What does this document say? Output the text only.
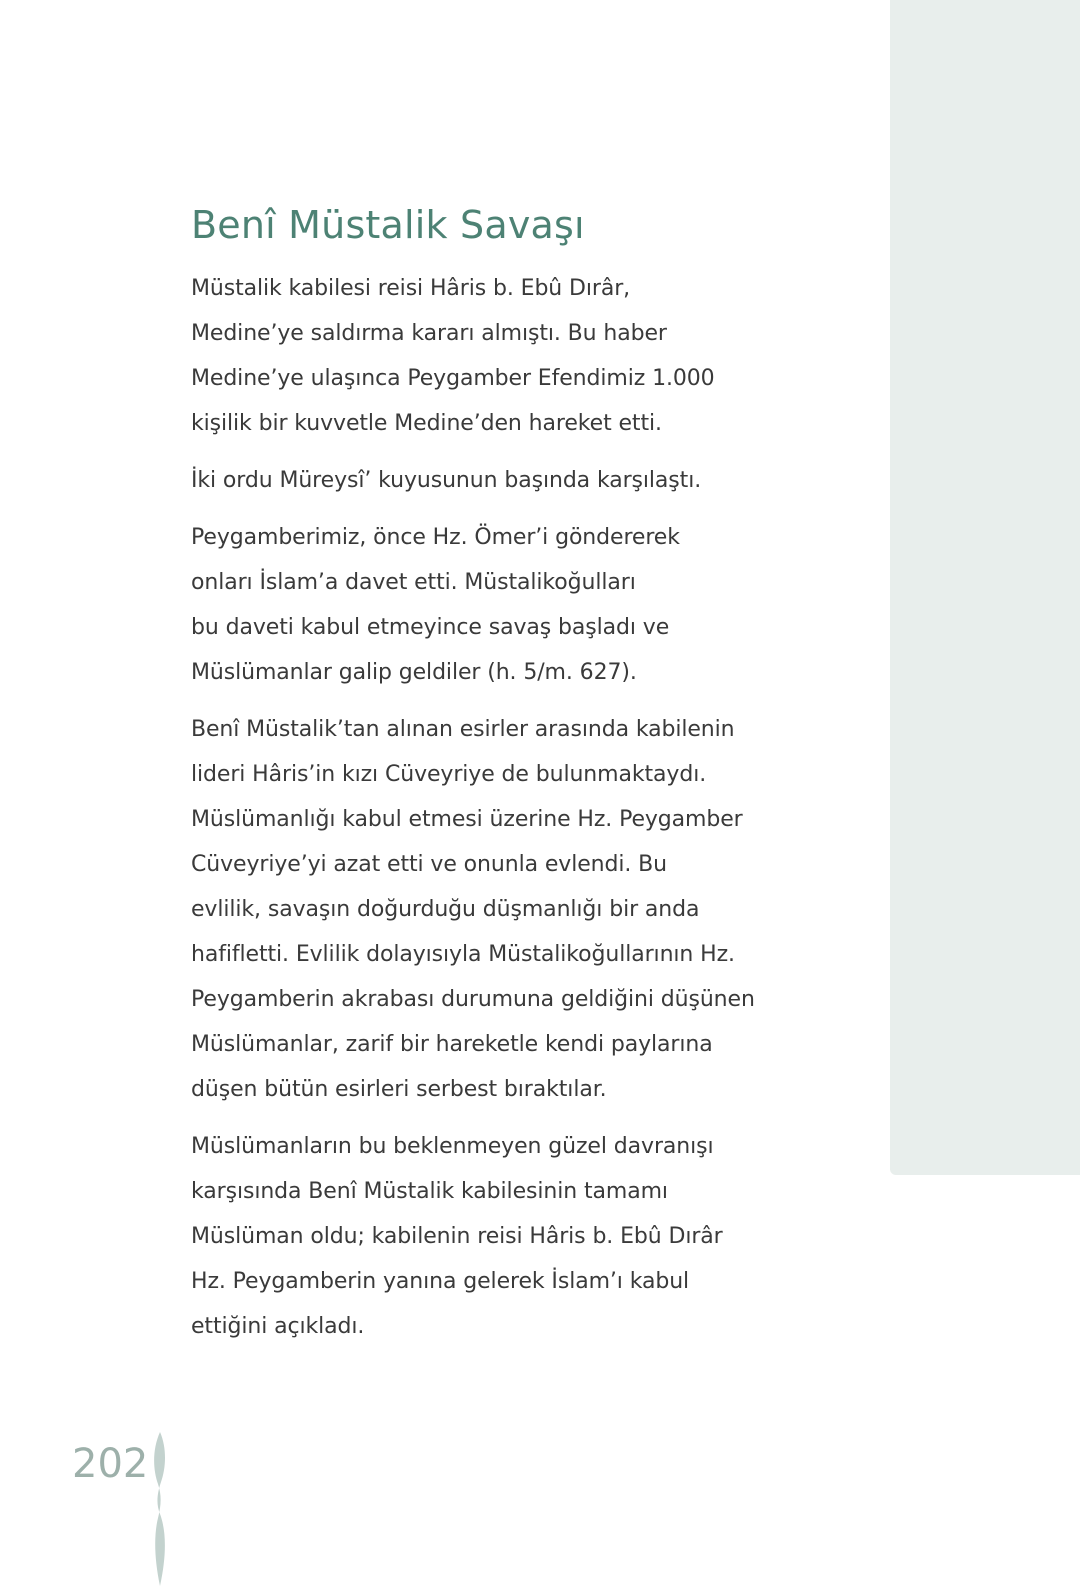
Benî Müstalik Savaşı

Müstalik kabilesi reisi Hâris b. Ebû Dırâr,
Medine’ye saldırma kararı almıştı. Bu haber
Medine’ye ulaşınca Peygamber Efendimiz 1.000
kişilik bir kuvvetle Medine’den hareket etti.

İki ordu Müreysî’ kuyusunun başında karşılaştı.

Peygamberimiz, önce Hz. Ömer’i göndererek
onları İslam’a davet etti. Müstalikoğulları
bu daveti kabul etmeyince savaş başladı ve
Müslümanlar galip geldiler (h. 5/m. 627).

Benî Müstalik’tan alınan esirler arasında kabilenin
lideri Hâris’in kızı Cüveyriye de bulunmaktaydı.
Müslümanlığı kabul etmesi üzerine Hz. Peygamber
Cüveyriye’yi azat etti ve onunla evlendi. Bu
evlilik, savaşın doğurduğu düşmanlığı bir anda
hafifletti. Evlilik dolayısıyla Müstalikoğullarının Hz.
Peygamberin akrabası durumuna geldiğini düşünen
Müslümanlar, zarif bir hareketle kendi paylarına
düşen bütün esirleri serbest bıraktılar.

Müslümanların bu beklenmeyen güzel davranışı
karşısında Benî Müstalik kabilesinin tamamı
Müslüman oldu; kabilenin reisi Hâris b. Ebû Dırâr
Hz. Peygamberin yanına gelerek İslam’ı kabul
ettiğini açıkladı.

202
